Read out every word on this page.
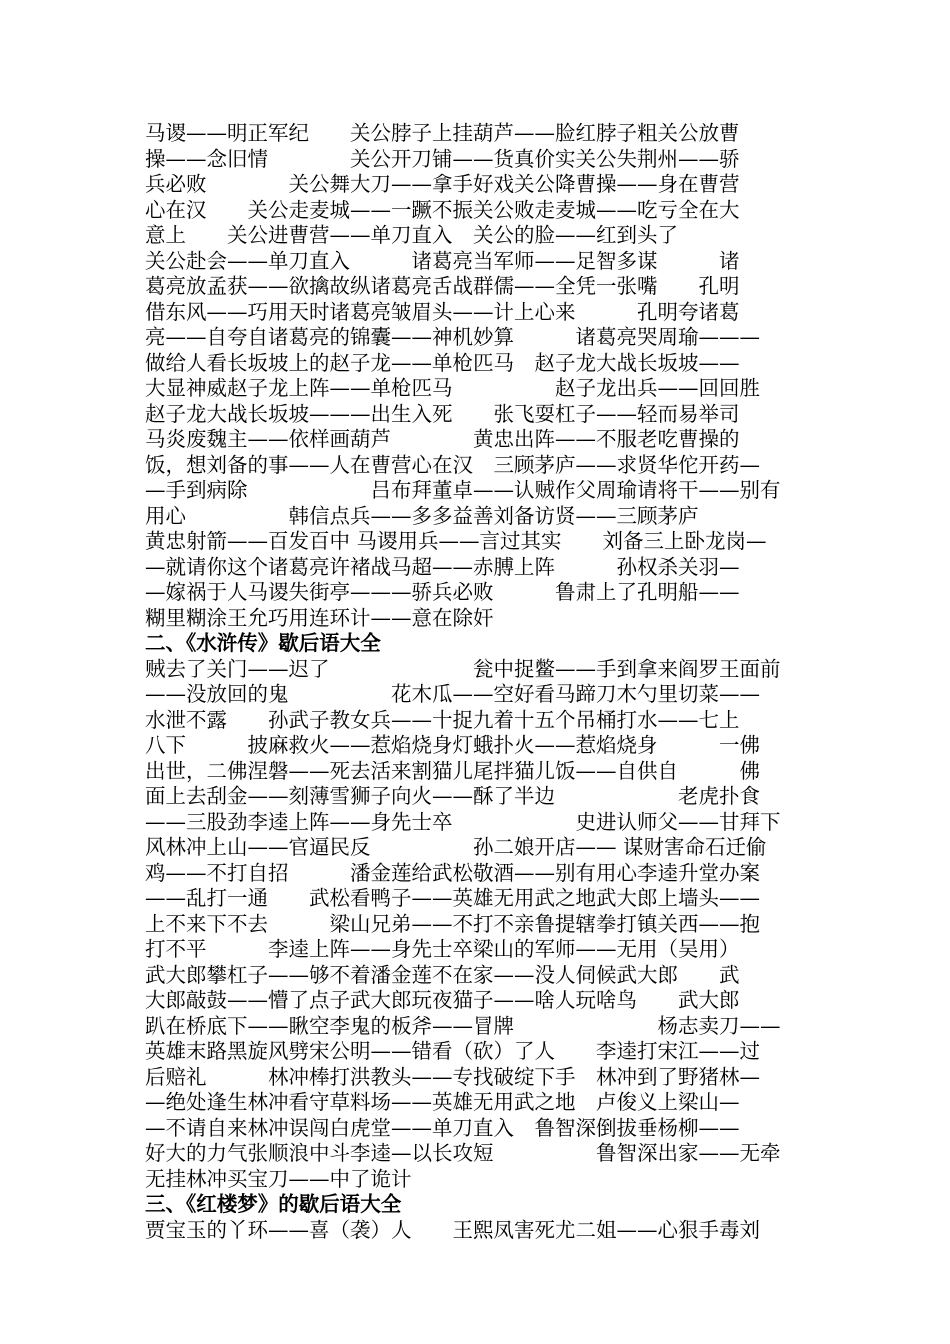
马谡——明正军纪　　关公脖子上挂葫芦——脸红脖子粗关公放曹
操——念旧情　　　　关公开刀铺——货真价实关公失荆州——骄
兵必败　　　　关公舞大刀——拿手好戏关公降曹操——身在曹营
心在汉　　关公走麦城——一蹶不振关公败走麦城——吃亏全在大
意上　　关公进曹营——单刀直入　关公的脸——红到头了
关公赴会——单刀直入　　　诸葛亮当军师——足智多谋　　　诸
葛亮放孟获——欲擒故纵诸葛亮舌战群儒——全凭一张嘴　　孔明
借东风——巧用天时诸葛亮皱眉头——计上心来　　　孔明夸诸葛
亮——自夸自诸葛亮的锦囊——神机妙算　　　诸葛亮哭周瑜———
做给人看长坂坡上的赵子龙——单枪匹马　赵子龙大战长坂坡——
大显神威赵子龙上阵——单枪匹马　　　　　赵子龙出兵——回回胜
赵子龙大战长坂坡———出生入死　　张飞耍杠子——轻而易举司
马炎废魏主——依样画葫芦　　　　黄忠出阵——不服老吃曹操的
饭，想刘备的事——人在曹营心在汉　三顾茅庐——求贤华佗开药—
—手到病除　　　　　　吕布拜董卓——认贼作父周瑜请将干——别有
用心　　　　　韩信点兵——多多益善刘备访贤——三顾茅庐
黄忠射箭——百发百中 马谡用兵——言过其实　　刘备三上卧龙岗—
—就请你这个诸葛亮许褚战马超——赤膊上阵　　　孙权杀关羽—
—嫁祸于人马谡失街亭———骄兵必败　　　鲁肃上了孔明船——
糊里糊涂王允巧用连环计——意在除奸
二、《水浒传》歇后语大全
贼去了关门——迟了　　　　　　　瓮中捉鳖——手到拿来阎罗王面前
——没放回的鬼　　　　　花木瓜——空好看马蹄刀木勺里切菜——
水泄不露　　孙武子教女兵——十捉九着十五个吊桶打水——七上
八下　　　披麻救火——惹焰烧身灯蛾扑火——惹焰烧身　　　一佛
出世，二佛涅磐——死去活来割猫儿尾拌猫儿饭——自供自　　　佛
面上去刮金——刻薄雪狮子向火——酥了半边　　　　　　老虎扑食
——三股劲李逵上阵——身先士卒　　　　　　史进认师父——甘拜下
风林冲上山——官逼民反　　　　　孙二娘开店—— 谋财害命石迁偷
鸡——不打自招　　　潘金莲给武松敬酒——别有用心李逵升堂办案
——乱打一通　　武松看鸭子——英雄无用武之地武大郎上墙头——
上不来下不去　　　梁山兄弟——不打不亲鲁提辖拳打镇关西——抱
打不平　　　李逵上阵——身先士卒梁山的军师——无用（吴用）
武大郎攀杠子——够不着潘金莲不在家——没人伺候武大郎　　武
大郎敲鼓——懵了点子武大郎玩夜猫子——啥人玩啥鸟　　武大郎
趴在桥底下——瞅空李鬼的板斧——冒牌　　　　　　　杨志卖刀——
英雄末路黑旋风劈宋公明——错看（砍）了人　　李逵打宋江——过
后赔礼　　　林冲棒打洪教头——专找破绽下手　林冲到了野猪林—
—绝处逢生林冲看守草料场——英雄无用武之地　卢俊义上梁山—
—不请自来林冲误闯白虎堂——单刀直入　鲁智深倒拔垂杨柳——
好大的力气张顺浪中斗李逵—以长攻短　　　　　鲁智深出家——无牵
无挂林冲买宝刀——中了诡计
三、《红楼梦》的歇后语大全
贾宝玉的丫环——喜（袭）人　　王熙凤害死尤二姐——心狠手毒刘
